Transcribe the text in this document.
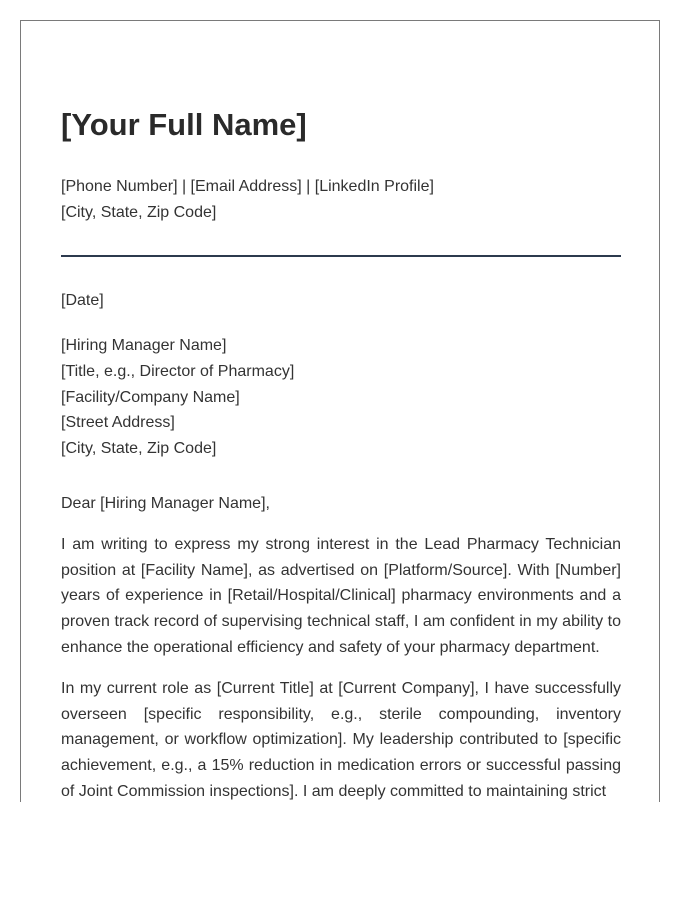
[Your Full Name]
[Phone Number] | [Email Address] | [LinkedIn Profile]
[City, State, Zip Code]
[Date]
[Hiring Manager Name]
[Title, e.g., Director of Pharmacy]
[Facility/Company Name]
[Street Address]
[City, State, Zip Code]
Dear [Hiring Manager Name],

I am writing to express my strong interest in the Lead Pharmacy Technician position at [Facility Name], as advertised on [Platform/Source]. With [Number] years of experience in [Retail/Hospital/Clinical] pharmacy environments and a proven track record of supervising technical staff, I am confident in my ability to enhance the operational efficiency and safety of your pharmacy department.

In my current role as [Current Title] at [Current Company], I have successfully overseen [specific responsibility, e.g., sterile compounding, inventory management, or workflow optimization]. My leadership contributed to [specific achievement, e.g., a 15% reduction in medication errors or successful passing of Joint Commission inspections]. I am deeply committed to maintaining strict
